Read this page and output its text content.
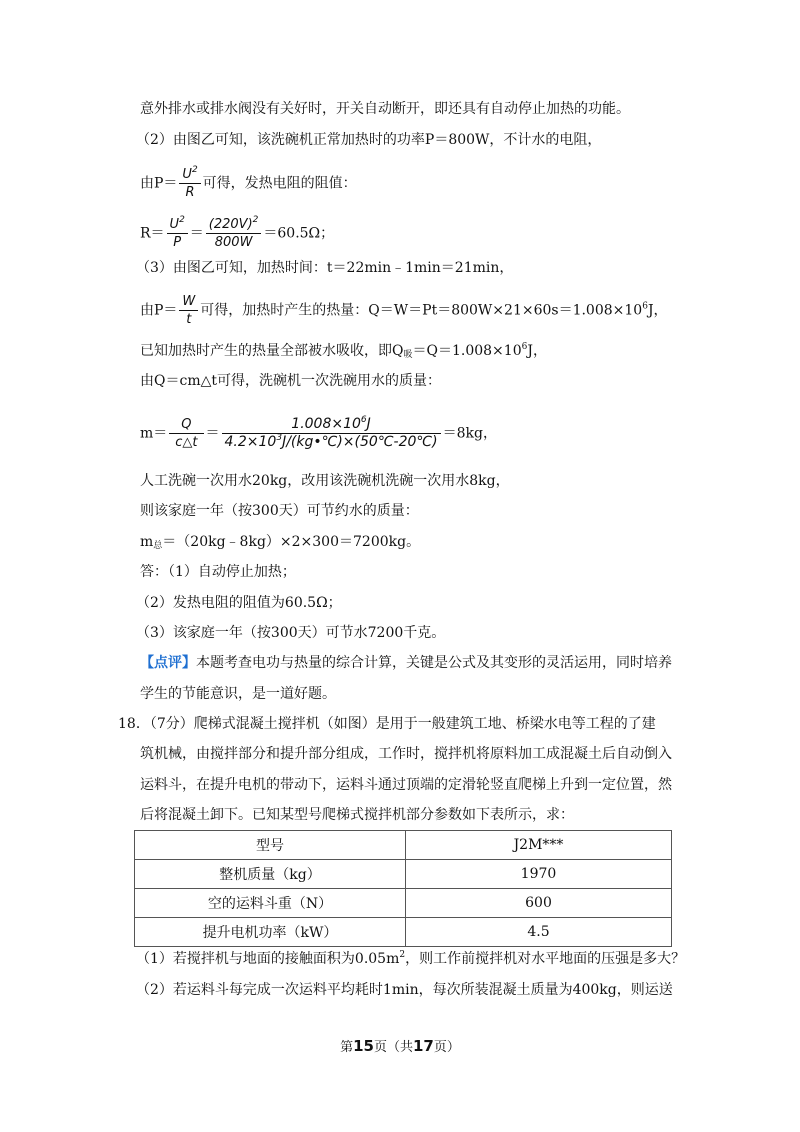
意外排水或排水阀没有关好时，开关自动断开，即还具有自动停止加热的功能。
（2）由图乙可知，该洗碗机正常加热时的功率P＝800W，不计水的电阻，
由$P= \frac{U^2}{R}$ 可得，发热电阻的阻值：
$R= \frac{U^2}{P} = \frac{(220V)^2}{800W} =60.5\Omega$；
（3）由图乙可知，加热时间：t＝22min﹣1min＝21min，
由$P= \frac{W}{t}$ 可得，加热时产生的热量：$Q=W=Pt=800W\times 21\times 60s=1.008\times 10^6J$，
已知加热时产生的热量全部被水吸收，即$Q_吸=Q=1.008\times 10^6J$，
由Q＝cm△t可得，洗碗机一次洗碗用水的质量：
$m= \frac{Q}{c\triangle t} = \frac{1.008\times 10^6J}{4.2\times 10^3J/(kg•℃)\times(50℃-20℃)} =8kg$，
人工洗碗一次用水20kg，改用该洗碗机洗碗一次用水8kg，
则该家庭一年（按300天）可节约水的质量：
$m_总=(20kg﹣8kg)\times 2\times 300=7200kg$。
答：（1）自动停止加热；
（2）发热电阻的阻值为60.5Ω；
（3）该家庭一年（按300天）可节水7200千克。
【点评】本题考查电功与热量的综合计算，关键是公式及其变形的灵活运用，同时培养
学生的节能意识，是一道好题。
18．（7分）爬梯式混凝土搅拌机（如图）是用于一般建筑工地、桥梁水电等工程的了建
筑机械，由搅拌部分和提升部分组成，工作时，搅拌机将原料加工成混凝土后自动倒入
运料斗，在提升电机的带动下，运料斗通过顶端的定滑轮竖直爬梯上升到一定位置，然
后将混凝土卸下。已知某型号爬梯式搅拌机部分参数如下表所示，求：
型号	J2M***
整机质量（kg）	1970
空的运料斗重（N）	600
提升电机功率（kW）	4.5
（1）若搅拌机与地面的接触面积为$0.05m^2$，则工作前搅拌机对水平地面的压强是多大？
（2）若运料斗每完成一次运料平均耗时1min，每次所装混凝土质量为400kg，则运送
第15页（共17页）
